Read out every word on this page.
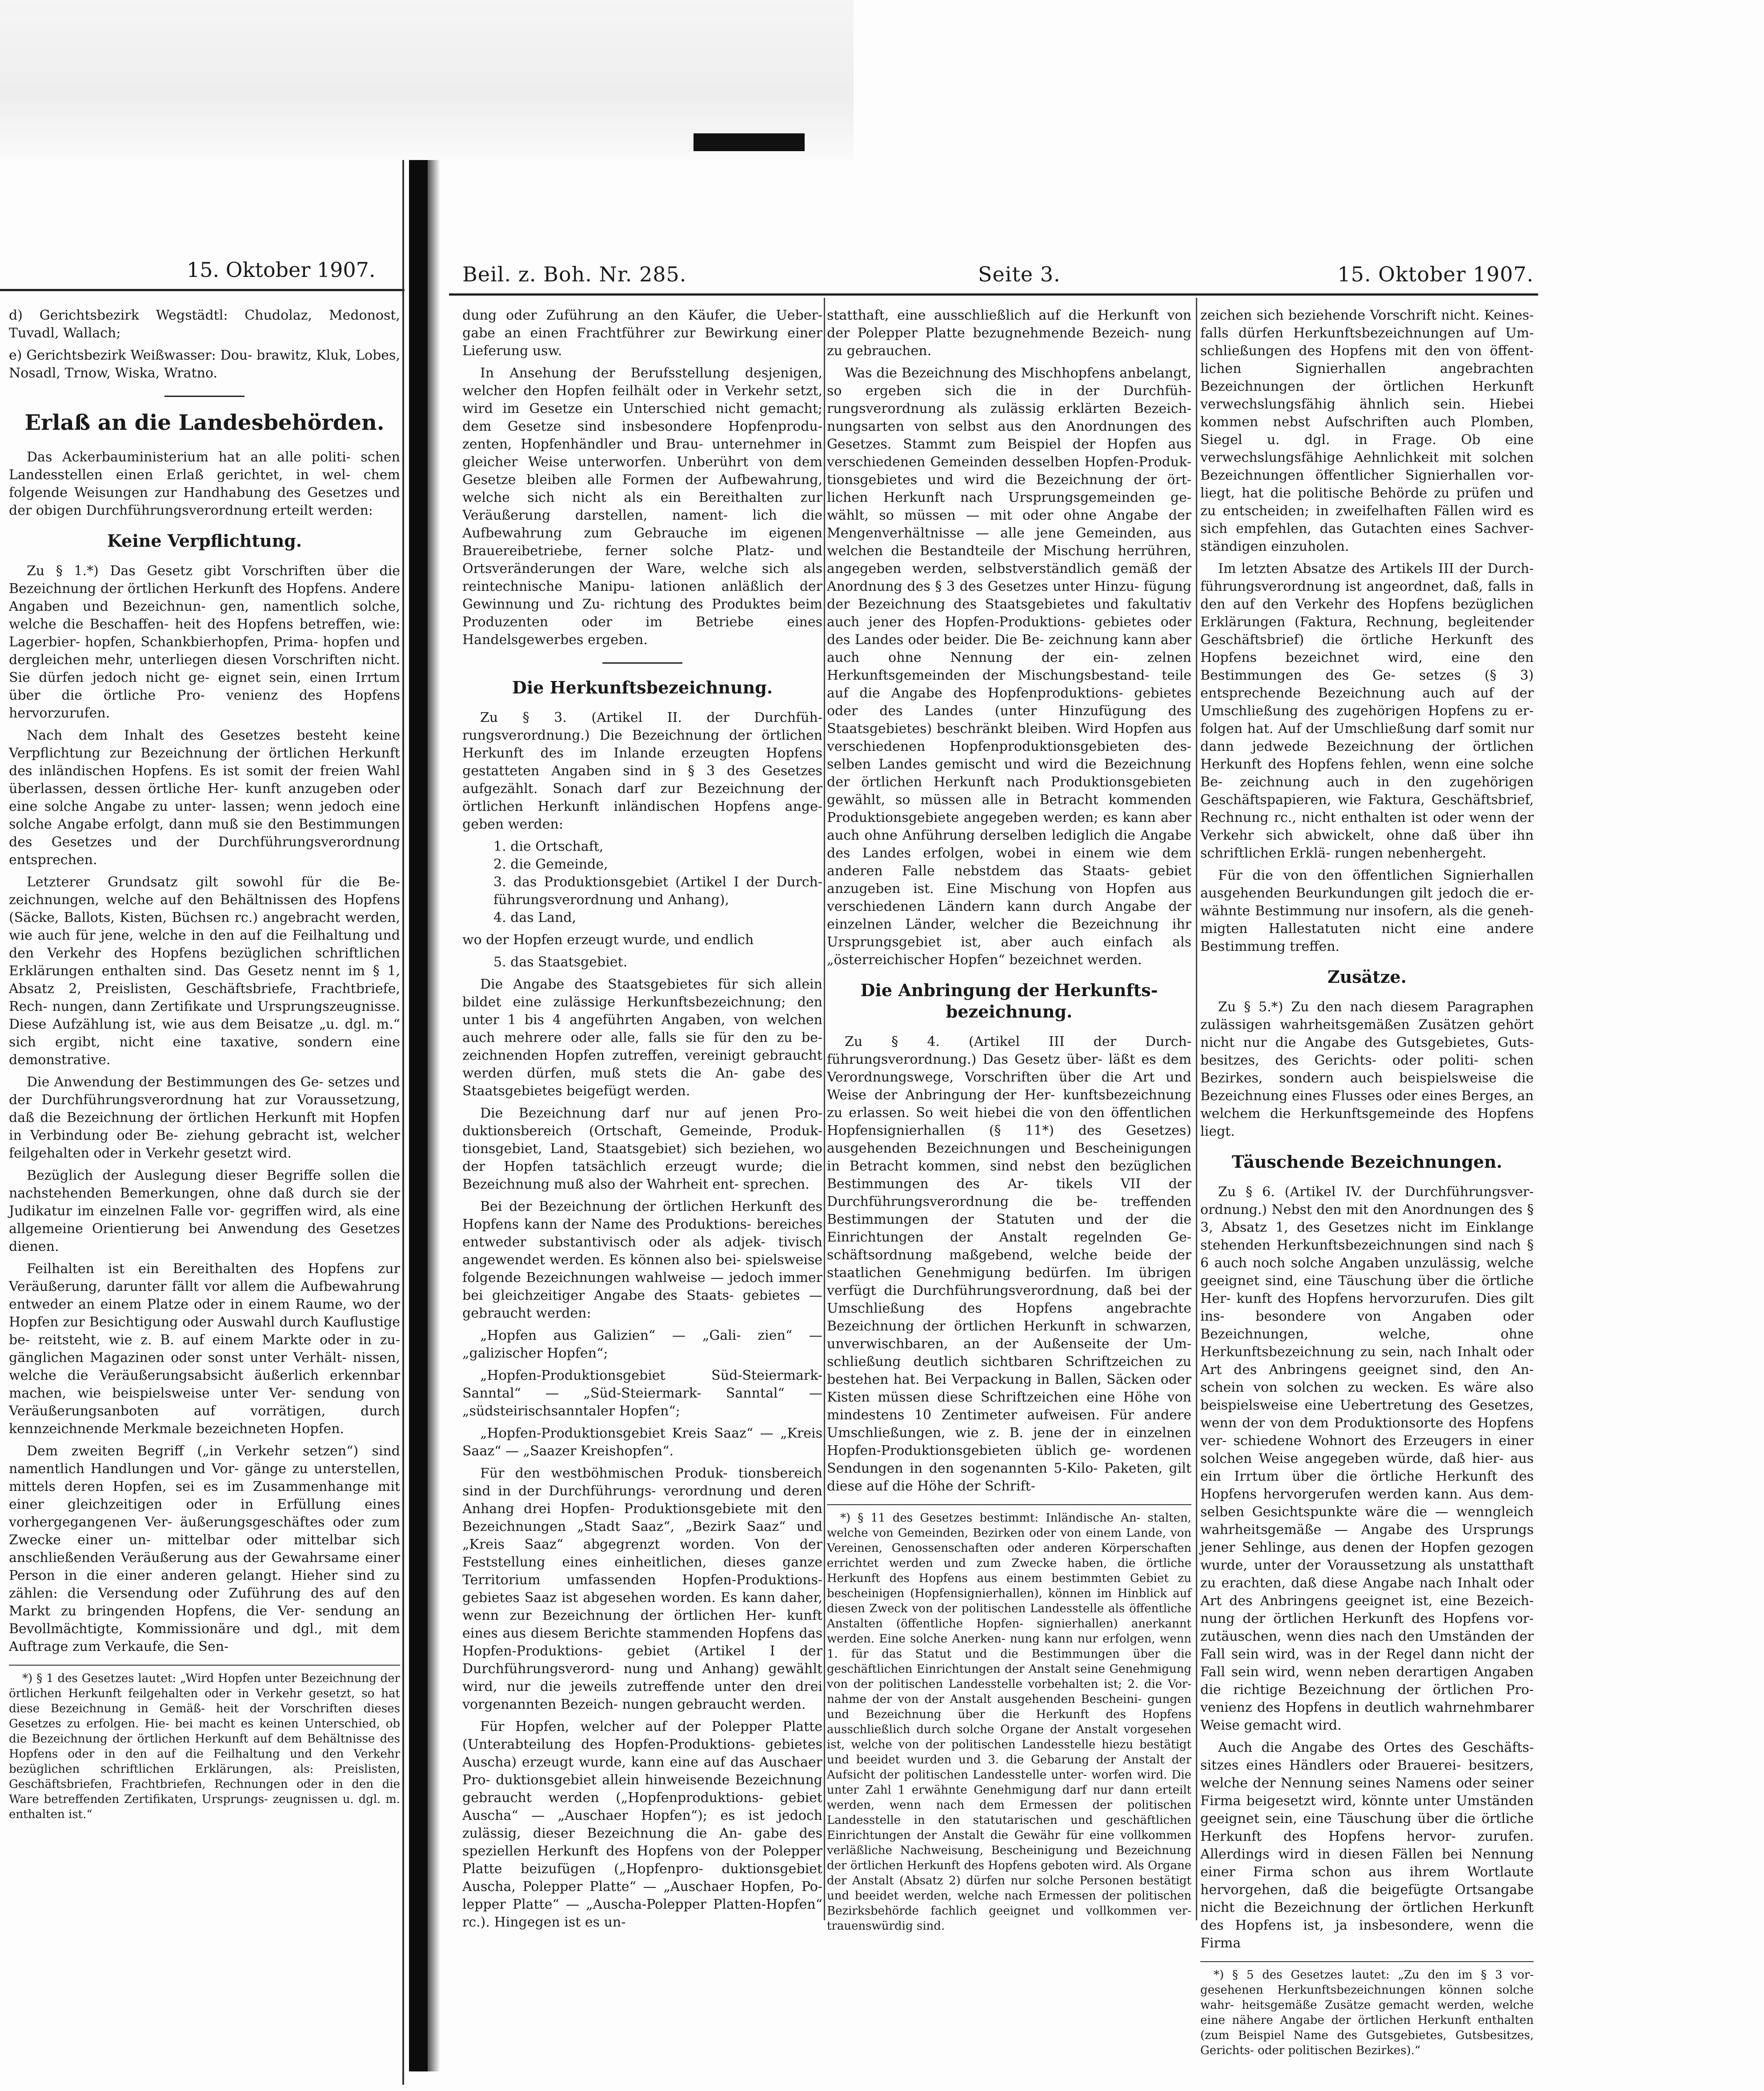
15. Oktober 1907.

d) Gerichtsbezirk Wegstädtl: Chudolaz, Medonost, Tuvadl, Wallach;

e) Gerichtsbezirk Weißwasser: Dou- brawitz, Kluk, Lobes, Nosadl, Trnow, Wiska, Wratno.

Erlaß an die Landesbehörden.

Das Ackerbauministerium hat an alle politi- schen Landesstellen einen Erlaß gerichtet, in wel- chem folgende Weisungen zur Handhabung des Gesetzes und der obigen Durchführungsverordnung erteilt werden:

Keine Verpflichtung.

Zu § 1.*) Das Gesetz gibt Vorschriften über die Bezeichnung der örtlichen Herkunft des Hopfens. Andere Angaben und Bezeichnun- gen, namentlich solche, welche die Beschaffen- heit des Hopfens betreffen, wie: Lagerbier- hopfen, Schankbierhopfen, Prima- hopfen und dergleichen mehr, unterliegen diesen Vorschriften nicht. Sie dürfen jedoch nicht ge- eignet sein, einen Irrtum über die örtliche Pro- venienz des Hopfens hervorzurufen.

Nach dem Inhalt des Gesetzes besteht keine Verpflichtung zur Bezeichnung der örtlichen Herkunft des inländischen Hopfens. Es ist somit der freien Wahl überlassen, dessen örtliche Her- kunft anzugeben oder eine solche Angabe zu unter- lassen; wenn jedoch eine solche Angabe erfolgt, dann muß sie den Bestimmungen des Gesetzes und der Durchführungsverordnung entsprechen.

Letzterer Grundsatz gilt sowohl für die Be- zeichnungen, welche auf den Behältnissen des Hopfens (Säcke, Ballots, Kisten, Büchsen rc.) angebracht werden, wie auch für jene, welche in den auf die Feilhaltung und den Verkehr des Hopfens bezüglichen schriftlichen Erklärungen enthalten sind. Das Gesetz nennt im § 1, Absatz 2, Preislisten, Geschäftsbriefe, Frachtbriefe, Rech- nungen, dann Zertifikate und Ursprungszeugnisse. Diese Aufzählung ist, wie aus dem Beisatze „u. dgl. m.“ sich ergibt, nicht eine taxative, sondern eine demonstrative.

Die Anwendung der Bestimmungen des Ge- setzes und der Durchführungsverordnung hat zur Voraussetzung, daß die Bezeichnung der örtlichen Herkunft mit Hopfen in Verbindung oder Be- ziehung gebracht ist, welcher feilgehalten oder in Verkehr gesetzt wird.

Bezüglich der Auslegung dieser Begriffe sollen die nachstehenden Bemerkungen, ohne daß durch sie der Judikatur im einzelnen Falle vor- gegriffen wird, als eine allgemeine Orientierung bei Anwendung des Gesetzes dienen.

Feilhalten ist ein Bereithalten des Hopfens zur Veräußerung, darunter fällt vor allem die Aufbewahrung entweder an einem Platze oder in einem Raume, wo der Hopfen zur Besichtigung oder Auswahl durch Kauflustige be- reitsteht, wie z. B. auf einem Markte oder in zu- gänglichen Magazinen oder sonst unter Verhält- nissen, welche die Veräußerungsabsicht äußerlich erkennbar machen, wie beispielsweise unter Ver- sendung von Veräußerungsanboten auf vorrätigen, durch kennzeichnende Merkmale bezeichneten Hopfen.

Dem zweiten Begriff („in Verkehr setzen“) sind namentlich Handlungen und Vor- gänge zu unterstellen, mittels deren Hopfen, sei es im Zusammenhange mit einer gleichzeitigen oder in Erfüllung eines vorhergegangenen Ver- äußerungsgeschäftes oder zum Zwecke einer un- mittelbar oder mittelbar sich anschließenden Veräußerung aus der Gewahrsame einer Person in die einer anderen gelangt. Hieher sind zu zählen: die Versendung oder Zuführung des auf den Markt zu bringenden Hopfens, die Ver- sendung an Bevollmächtigte, Kommissionäre und dgl., mit dem Auftrage zum Verkaufe, die Sen-

*) § 1 des Gesetzes lautet: „Wird Hopfen unter Bezeichnung der örtlichen Herkunft feilgehalten oder in Verkehr gesetzt, so hat diese Bezeichnung in Gemäß- heit der Vorschriften dieses Gesetzes zu erfolgen. Hie- bei macht es keinen Unterschied, ob die Bezeichnung der örtlichen Herkunft auf dem Behältnisse des Hopfens oder in den auf die Feilhaltung und den Verkehr bezüglichen schriftlichen Erklärungen, als: Preislisten, Geschäftsbriefen, Frachtbriefen, Rechnungen oder in den die Ware betreffenden Zertifikaten, Ursprungs- zeugnissen u. dgl. m. enthalten ist.“

Beil. z. Boh. Nr. 285.	Seite 3.	15. Oktober 1907.

dung oder Zuführung an den Käufer, die Ueber- gabe an einen Frachtführer zur Bewirkung einer Lieferung usw.

In Ansehung der Berufsstellung desjenigen, welcher den Hopfen feilhält oder in Verkehr setzt, wird im Gesetze ein Unterschied nicht gemacht; dem Gesetze sind insbesondere Hopfenprodu- zenten, Hopfenhändler und Brau- unternehmer in gleicher Weise unterworfen. Unberührt von dem Gesetze bleiben alle Formen der Aufbewahrung, welche sich nicht als ein Bereithalten zur Veräußerung darstellen, nament- lich die Aufbewahrung zum Gebrauche im eigenen Brauereibetriebe, ferner solche Platz- und Ortsveränderungen der Ware, welche sich als reintechnische Manipu- lationen anläßlich der Gewinnung und Zu- richtung des Produktes beim Produzenten oder im Betriebe eines Handelsgewerbes ergeben.

Die Herkunftsbezeichnung.

Zu § 3. (Artikel II. der Durchfüh- rungsverordnung.) Die Bezeichnung der örtlichen Herkunft des im Inlande erzeugten Hopfens gestatteten Angaben sind in § 3 des Gesetzes aufgezählt. Sonach darf zur Bezeichnung der örtlichen Herkunft inländischen Hopfens ange- geben werden:

1. die Ortschaft,
2. die Gemeinde,
3. das Produktionsgebiet (Artikel I der Durch- führungsverordnung und Anhang),
4. das Land,

wo der Hopfen erzeugt wurde, und endlich

5. das Staatsgebiet.

Die Angabe des Staatsgebietes für sich allein bildet eine zulässige Herkunftsbezeichnung; den unter 1 bis 4 angeführten Angaben, von welchen auch mehrere oder alle, falls sie für den zu be- zeichnenden Hopfen zutreffen, vereinigt gebraucht werden dürfen, muß stets die An- gabe des Staatsgebietes beigefügt werden.

Die Bezeichnung darf nur auf jenen Pro- duktionsbereich (Ortschaft, Gemeinde, Produk- tionsgebiet, Land, Staatsgebiet) sich beziehen, wo der Hopfen tatsächlich erzeugt wurde; die Bezeichnung muß also der Wahrheit ent- sprechen.

Bei der Bezeichnung der örtlichen Herkunft des Hopfens kann der Name des Produktions- bereiches entweder substantivisch oder als adjek- tivisch angewendet werden. Es können also bei- spielsweise folgende Bezeichnungen wahlweise — jedoch immer bei gleichzeitiger Angabe des Staats- gebietes — gebraucht werden:

„Hopfen aus Galizien“ — „Gali- zien“ — „galizischer Hopfen“;

„Hopfen-Produktionsgebiet Süd-Steiermark-Sanntal“ — „Süd-Steiermark- Sanntal“ — „südsteirischsanntaler Hopfen“;

„Hopfen-Produktionsgebiet Kreis Saaz“ — „Kreis Saaz“ — „Saazer Kreishopfen“.

Für den westböhmischen Produk- tionsbereich sind in der Durchführungs- verordnung und deren Anhang drei Hopfen- Produktionsgebiete mit den Bezeichnungen „Stadt Saaz“, „Bezirk Saaz“ und „Kreis Saaz“ abgegrenzt worden. Von der Feststellung eines einheitlichen, dieses ganze Territorium umfassenden Hopfen-Produktions- gebietes Saaz ist abgesehen worden. Es kann daher, wenn zur Bezeichnung der örtlichen Her- kunft eines aus diesem Berichte stammenden Hopfens das Hopfen-Produktions- gebiet (Artikel I der Durchführungsverord- nung und Anhang) gewählt wird, nur die jeweils zutreffende unter den drei vorgenannten Bezeich- nungen gebraucht werden.

Für Hopfen, welcher auf der Polepper Platte (Unterabteilung des Hopfen-Produktions- gebietes Auscha) erzeugt wurde, kann eine auf das Auschaer Pro- duktionsgebiet allein hinweisende Bezeichnung gebraucht werden („Hopfenproduktions- gebiet Auscha“ — „Auschaer Hopfen“); es ist jedoch zulässig, dieser Bezeichnung die An- gabe des speziellen Herkunft des Hopfens von der Polepper Platte beizufügen („Hopfenpro- duktionsgebiet Auscha, Polepper Platte“ — „Auschaer Hopfen, Po- lepper Platte“ — „Auscha-Polepper Platten-Hopfen“ rc.). Hingegen ist es un-

statthaft, eine ausschließlich auf die Herkunft von der Polepper Platte bezugnehmende Bezeich- nung zu gebrauchen.

Was die Bezeichnung des Mischhopfens anbelangt, so ergeben sich die in der Durchfüh- rungsverordnung als zulässig erklärten Bezeich- nungsarten von selbst aus den Anordnungen des Gesetzes. Stammt zum Beispiel der Hopfen aus verschiedenen Gemeinden desselben Hopfen-Produk- tionsgebietes und wird die Bezeichnung der ört- lichen Herkunft nach Ursprungsgemeinden ge- wählt, so müssen — mit oder ohne Angabe der Mengenverhältnisse — alle jene Gemeinden, aus welchen die Bestandteile der Mischung herrühren, angegeben werden, selbstverständlich gemäß der Anordnung des § 3 des Gesetzes unter Hinzu- fügung der Bezeichnung des Staatsgebietes und fakultativ auch jener des Hopfen-Produktions- gebietes oder des Landes oder beider. Die Be- zeichnung kann aber auch ohne Nennung der ein- zelnen Herkunftsgemeinden der Mischungsbestand- teile auf die Angabe des Hopfenproduktions- gebietes oder des Landes (unter Hinzufügung des Staatsgebietes) beschränkt bleiben. Wird Hopfen aus verschiedenen Hopfenproduktionsgebieten des- selben Landes gemischt und wird die Bezeichnung der örtlichen Herkunft nach Produktionsgebieten gewählt, so müssen alle in Betracht kommenden Produktionsgebiete angegeben werden; es kann aber auch ohne Anführung derselben lediglich die Angabe des Landes erfolgen, wobei in einem wie dem anderen Falle nebstdem das Staats- gebiet anzugeben ist. Eine Mischung von Hopfen aus verschiedenen Ländern kann durch Angabe der einzelnen Länder, welcher die Bezeichnung ihr Ursprungsgebiet ist, aber auch einfach als „österreichischer Hopfen“ bezeichnet werden.

Die Anbringung der Herkunfts- bezeichnung.

Zu § 4. (Artikel III der Durch- führungsverordnung.) Das Gesetz über- läßt es dem Verordnungswege, Vorschriften über die Art und Weise der Anbringung der Her- kunftsbezeichnung zu erlassen. So weit hiebei die von den öffentlichen Hopfensignierhallen (§ 11*) des Gesetzes) ausgehenden Bezeichnungen und Bescheinigungen in Betracht kommen, sind nebst den bezüglichen Bestimmungen des Ar- tikels VII der Durchführungsverordnung die be- treffenden Bestimmungen der Statuten und der die Einrichtungen der Anstalt regelnden Ge- schäftsordnung maßgebend, welche beide der staatlichen Genehmigung bedürfen. Im übrigen verfügt die Durchführungsverordnung, daß bei der Umschließung des Hopfens angebrachte Bezeichnung der örtlichen Herkunft in schwarzen, unverwischbaren, an der Außenseite der Um- schließung deutlich sichtbaren Schriftzeichen zu bestehen hat. Bei Verpackung in Ballen, Säcken oder Kisten müssen diese Schriftzeichen eine Höhe von mindestens 10 Zentimeter aufweisen. Für andere Umschließungen, wie z. B. jene der in einzelnen Hopfen-Produktionsgebieten üblich ge- wordenen Sendungen in den sogenannten 5-Kilo- Paketen, gilt diese auf die Höhe der Schrift-

*) § 11 des Gesetzes bestimmt: Inländische An- stalten, welche von Gemeinden, Bezirken oder von einem Lande, von Vereinen, Genossenschaften oder anderen Körperschaften errichtet werden und zum Zwecke haben, die örtliche Herkunft des Hopfens aus einem bestimmten Gebiet zu bescheinigen (Hopfensignierhallen), können im Hinblick auf diesen Zweck von der politischen Landesstelle als öffentliche Anstalten (öffentliche Hopfen- signierhallen) anerkannt werden. Eine solche Anerken- nung kann nur erfolgen, wenn 1. für das Statut und die Bestimmungen über die geschäftlichen Einrichtungen der Anstalt seine Genehmigung von der politischen Landesstelle vorbehalten ist; 2. die Vor- nahme der von der Anstalt ausgehenden Bescheini- gungen und Bezeichnung über die Herkunft des Hopfens ausschließlich durch solche Organe der Anstalt vorgesehen ist, welche von der politischen Landesstelle hiezu bestätigt und beeidet wurden und 3. die Gebarung der Anstalt der Aufsicht der politischen Landesstelle unter- worfen wird. Die unter Zahl 1 erwähnte Genehmigung darf nur dann erteilt werden, wenn nach dem Ermessen der politischen Landesstelle in den statutarischen und geschäftlichen Einrichtungen der Anstalt die Gewähr für eine vollkommen verläßliche Nachweisung, Bescheinigung und Bezeichnung der örtlichen Herkunft des Hopfens geboten wird. Als Organe der Anstalt (Absatz 2) dürfen nur solche Personen bestätigt und beeidet werden, welche nach Ermessen der politischen Bezirksbehörde fachlich geeignet und vollkommen ver- trauenswürdig sind.

zeichen sich beziehende Vorschrift nicht. Keines- falls dürfen Herkunftsbezeichnungen auf Um- schließungen des Hopfens mit den von öffent- lichen Signierhallen angebrachten Bezeichnungen der örtlichen Herkunft verwechslungsfähig ähnlich sein. Hiebei kommen nebst Aufschriften auch Plomben, Siegel u. dgl. in Frage. Ob eine verwechslungsfähige Aehnlichkeit mit solchen Bezeichnungen öffentlicher Signierhallen vor- liegt, hat die politische Behörde zu prüfen und zu entscheiden; in zweifelhaften Fällen wird es sich empfehlen, das Gutachten eines Sachver- ständigen einzuholen.

Im letzten Absatze des Artikels III der Durch- führungsverordnung ist angeordnet, daß, falls in den auf den Verkehr des Hopfens bezüglichen Erklärungen (Faktura, Rechnung, begleitender Geschäftsbrief) die örtliche Herkunft des Hopfens bezeichnet wird, eine den Bestimmungen des Ge- setzes (§ 3) entsprechende Bezeichnung auch auf der Umschließung des zugehörigen Hopfens zu er- folgen hat. Auf der Umschließung darf somit nur dann jedwede Bezeichnung der örtlichen Herkunft des Hopfens fehlen, wenn eine solche Be- zeichnung auch in den zugehörigen Geschäftspapieren, wie Faktura, Geschäftsbrief, Rechnung rc., nicht enthalten ist oder wenn der Verkehr sich abwickelt, ohne daß über ihn schriftlichen Erklä- rungen nebenhergeht.

Für die von den öffentlichen Signierhallen ausgehenden Beurkundungen gilt jedoch die er- wähnte Bestimmung nur insofern, als die geneh- migten Hallestatuten nicht eine andere Bestimmung treffen.

Zusätze.

Zu § 5.*) Zu den nach diesem Paragraphen zulässigen wahrheitsgemäßen Zusätzen gehört nicht nur die Angabe des Gutsgebietes, Guts- besitzes, des Gerichts- oder politi- schen Bezirkes, sondern auch beispielsweise die Bezeichnung eines Flusses oder eines Berges, an welchem die Herkunftsgemeinde des Hopfens liegt.

Täuschende Bezeichnungen.

Zu § 6. (Artikel IV. der Durchführungsver- ordnung.) Nebst den mit den Anordnungen des § 3, Absatz 1, des Gesetzes nicht im Einklange stehenden Herkunftsbezeichnungen sind nach § 6 auch noch solche Angaben unzulässig, welche geeignet sind, eine Täuschung über die örtliche Her- kunft des Hopfens hervorzurufen. Dies gilt ins- besondere von Angaben oder Bezeichnungen, welche, ohne Herkunftsbezeichnung zu sein, nach Inhalt oder Art des Anbringens geeignet sind, den An- schein von solchen zu wecken. Es wäre also beispielsweise eine Uebertretung des Gesetzes, wenn der von dem Produktionsorte des Hopfens ver- schiedene Wohnort des Erzeugers in einer solchen Weise angegeben würde, daß hier- aus ein Irrtum über die örtliche Herkunft des Hopfens hervorgerufen werden kann. Aus dem- selben Gesichtspunkte wäre die — wenngleich wahrheitsgemäße — Angabe des Ursprungs jener Sehlinge, aus denen der Hopfen gezogen wurde, unter der Voraussetzung als unstatthaft zu erachten, daß diese Angabe nach Inhalt oder Art des Anbringens geeignet ist, eine Bezeich- nung der örtlichen Herkunft des Hopfens vor- zutäuschen, wenn dies nach den Umständen der Fall sein wird, was in der Regel dann nicht der Fall sein wird, wenn neben derartigen Angaben die richtige Bezeichnung der örtlichen Pro- venienz des Hopfens in deutlich wahrnehmbarer Weise gemacht wird.

Auch die Angabe des Ortes des Geschäfts- sitzes eines Händlers oder Brauerei- besitzers, welche der Nennung seines Namens oder seiner Firma beigesetzt wird, könnte unter Umständen geeignet sein, eine Täuschung über die örtliche Herkunft des Hopfens hervor- zurufen. Allerdings wird in diesen Fällen bei Nennung einer Firma schon aus ihrem Wortlaute hervorgehen, daß die beigefügte Ortsangabe nicht die Bezeichnung der örtlichen Herkunft des Hopfens ist, ja insbesondere, wenn die Firma

*) § 5 des Gesetzes lautet: „Zu den im § 3 vor- gesehenen Herkunftsbezeichnungen können solche wahr- heitsgemäße Zusätze gemacht werden, welche eine nähere Angabe der örtlichen Herkunft enthalten (zum Beispiel Name des Gutsgebietes, Gutsbesitzes, Gerichts- oder politischen Bezirkes).“
